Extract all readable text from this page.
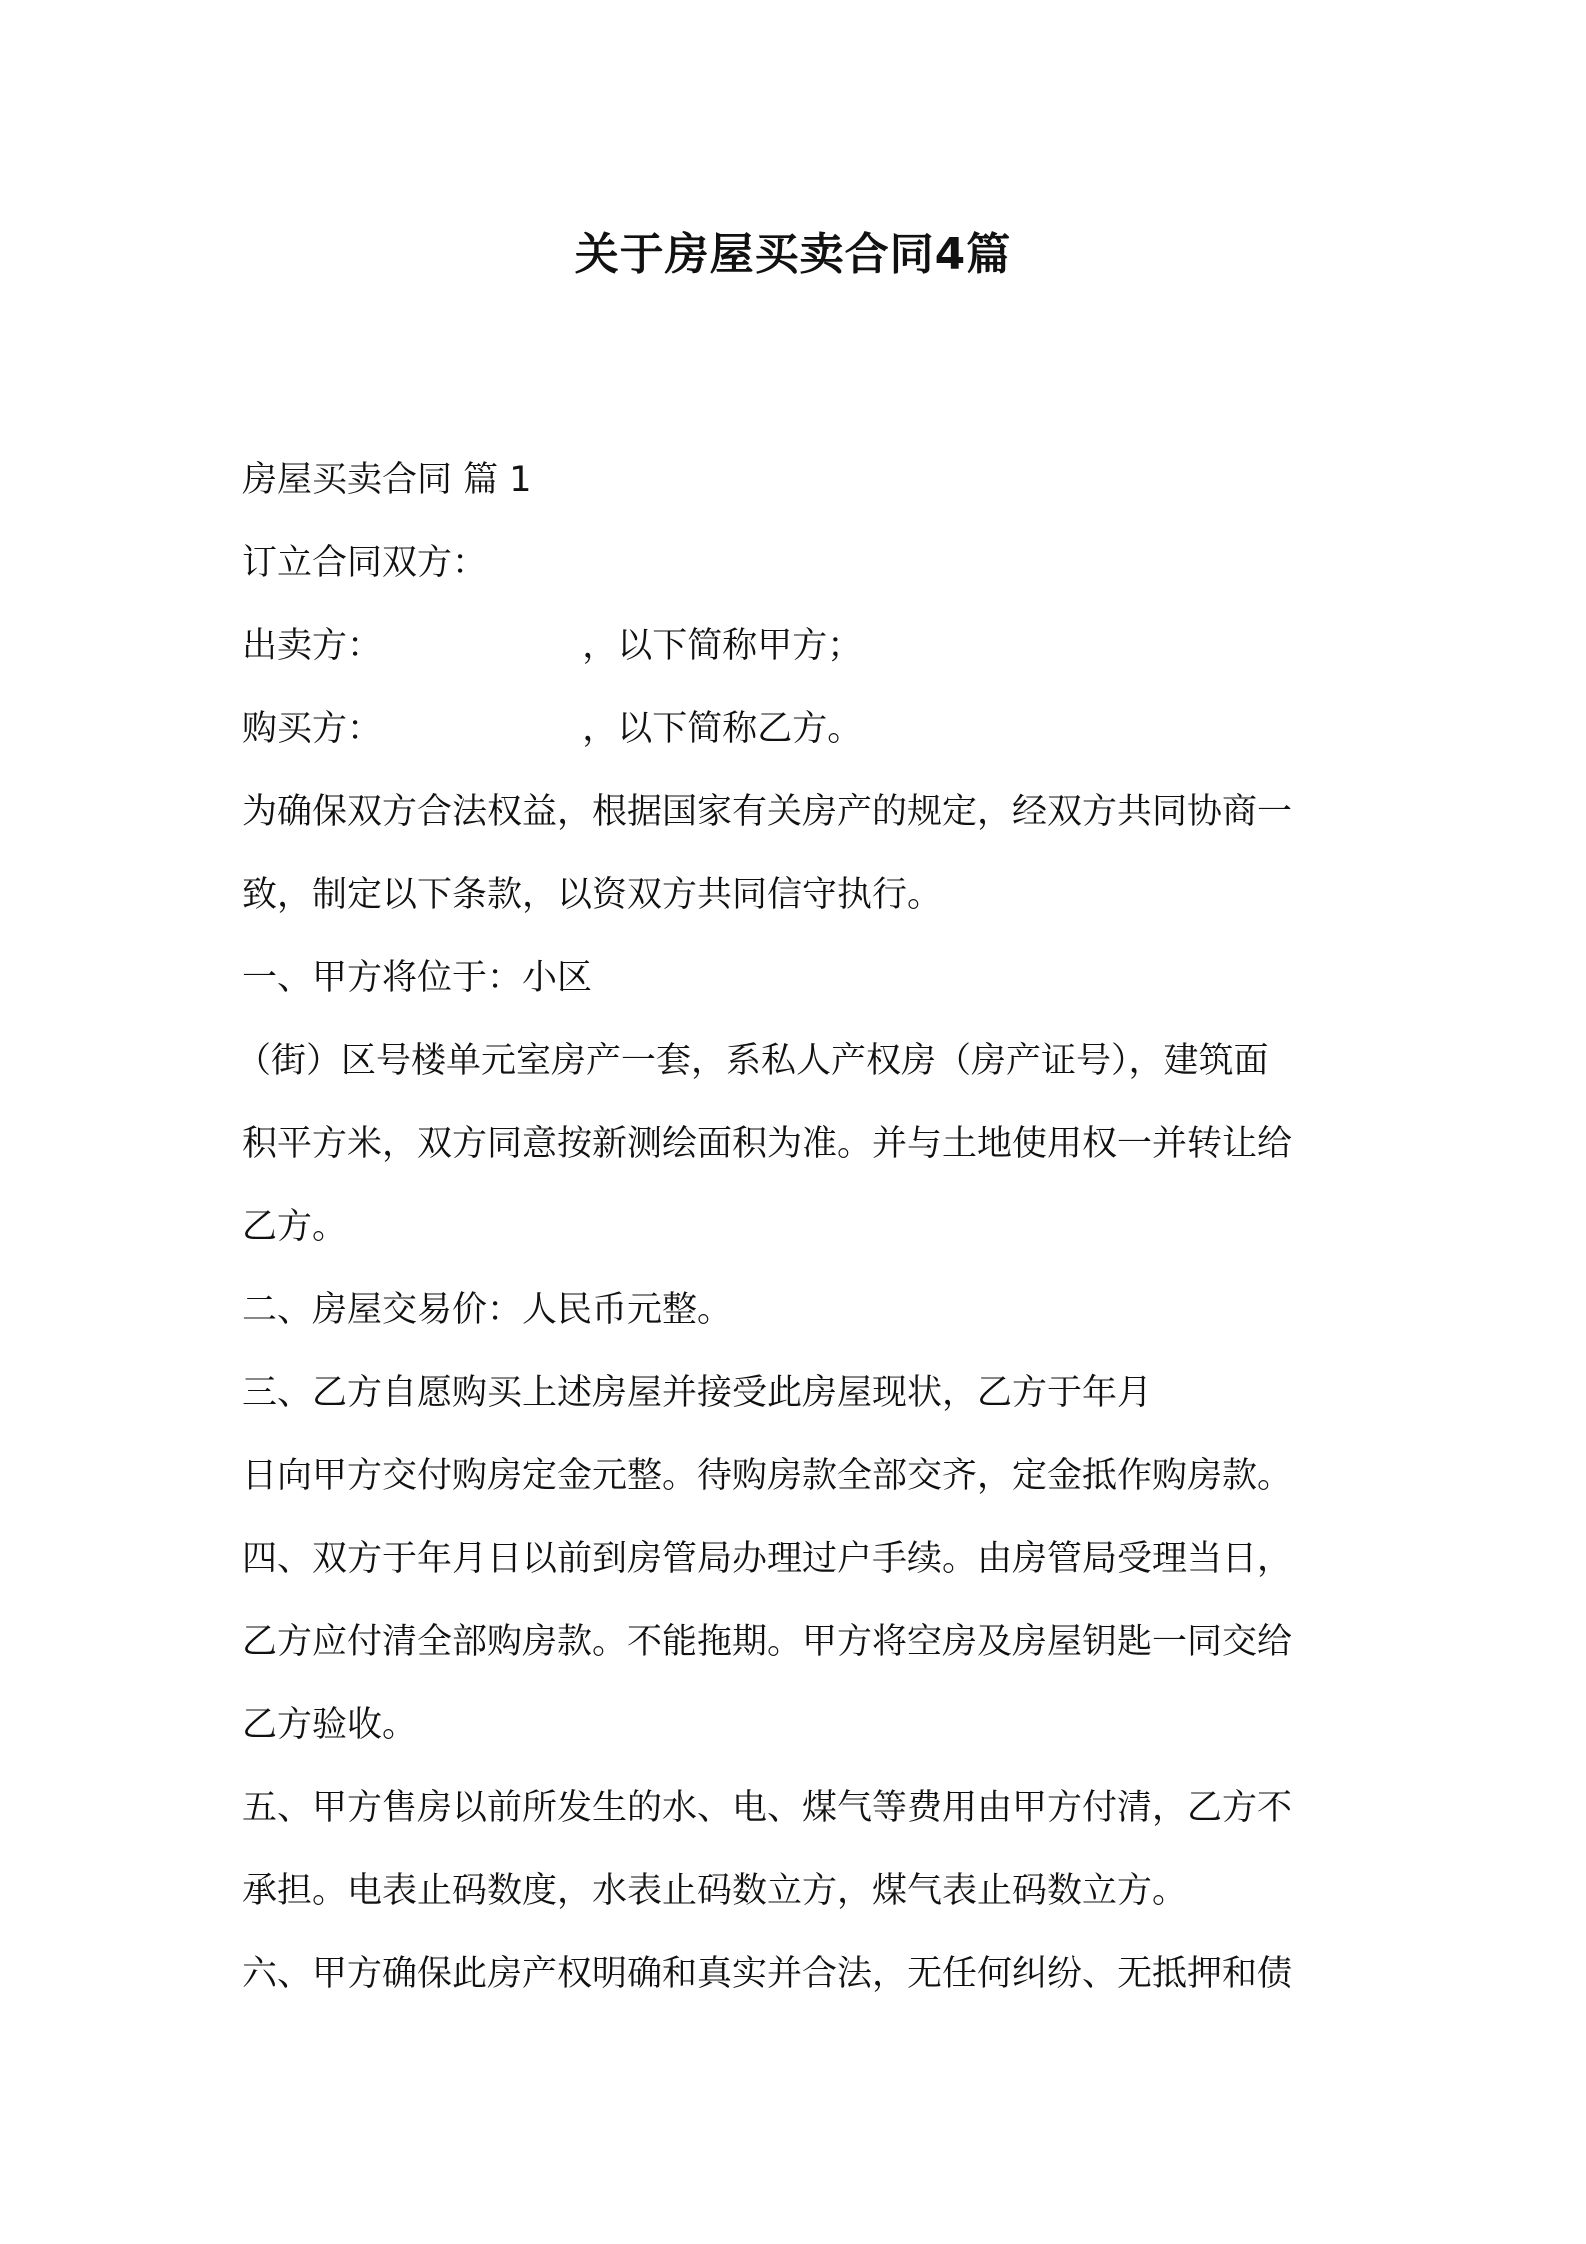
关于房屋买卖合同4篇
房屋买卖合同 篇 1
订立合同双方：
出卖方：                  ，以下简称甲方；
购买方：                  ，以下简称乙方。
为确保双方合法权益，根据国家有关房产的规定，经双方共同协商一
致，制定以下条款，以资双方共同信守执行。
一、甲方将位于：小区
（街）区号楼单元室房产一套，系私人产权房（房产证号），建筑面
积平方米，双方同意按新测绘面积为准。并与土地使用权一并转让给
乙方。
二、房屋交易价：人民币元整。
三、乙方自愿购买上述房屋并接受此房屋现状，乙方于年月
日向甲方交付购房定金元整。待购房款全部交齐，定金抵作购房款。
四、双方于年月日以前到房管局办理过户手续。由房管局受理当日，
乙方应付清全部购房款。不能拖期。甲方将空房及房屋钥匙一同交给
乙方验收。
五、甲方售房以前所发生的水、电、煤气等费用由甲方付清，乙方不
承担。电表止码数度，水表止码数立方，煤气表止码数立方。
六、甲方确保此房产权明确和真实并合法，无任何纠纷、无抵押和债
